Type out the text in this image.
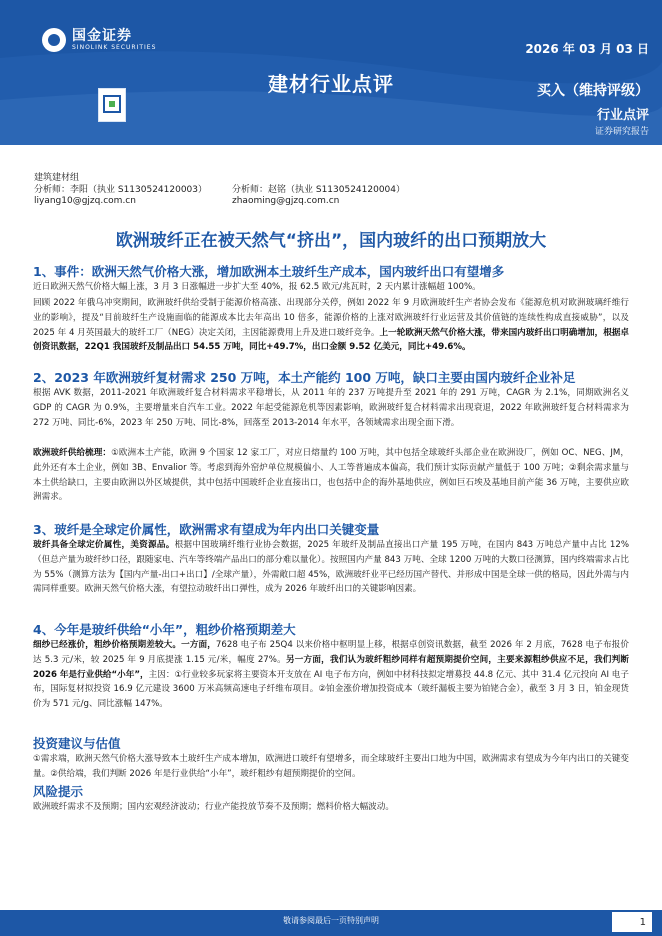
国金证券
SINOLINK SECURITIES	2026 年 03 月 03 日
建材行业点评	买入（维持评级）
行业点评
证券研究报告
建筑建材组
分析师：李阳（执业 S1130524120003）
liyang10@gjzq.com.cn
分析师：赵铭（执业 S1130524120004）
zhaoming@gjzq.com.cn
欧洲玻纤正在被天然气“挤出”，国内玻纤的出口预期放大
1、事件：欧洲天然气价格大涨，增加欧洲本土玻纤生产成本，国内玻纤出口有望增多

近日欧洲天然气价格大幅上涨，3 月 3 日涨幅进一步扩大至 40%，报 62.5 欧元/兆瓦时，2 天内累计涨幅超 100%。

回顾 2022 年俄乌冲突期间，欧洲玻纤供给受制于能源价格高涨、出现部分关停，例如 2022 年 9 月欧洲玻纤生产者协会发布《能源危机对欧洲玻璃纤维行业的影响》，提及“目前玻纤生产设施面临的能源成本比去年高出 10 倍多，能源价格的上涨对欧洲玻纤行业运营及其价值链的连续性构成直接威胁”，以及 2025 年 4 月英国最大的玻纤工厂（NEG）决定关闭，主因能源费用上升及进口玻纤竞争。上一轮欧洲天然气价格大涨，带来国内玻纤出口明确增加，根据卓创资讯数据，22Q1 我国玻纤及制品出口 54.55 万吨，同比+49.7%，出口金额 9.52 亿美元，同比+49.6%。

2、2023 年欧洲玻纤复材需求 250 万吨，本土产能约 100 万吨，缺口主要由国内玻纤企业补足

根据 AVK 数据，2011-2021 年欧洲玻纤复合材料需求平稳增长，从 2011 年的 237 万吨提升至 2021 年的 291 万吨，CAGR 为 2.1%，同期欧洲名义 GDP 的 CAGR 为 0.9%，主要增量来自汽车工业。2022 年起受能源危机等因素影响，欧洲玻纤复合材料需求出现衰退，2022 年欧洲玻纤复合材料需求为 272 万吨、同比-6%，2023 年 250 万吨、同比-8%，回落至 2013-2014 年水平，各领域需求出现全面下滑。

欧洲玻纤供给梳理：①欧洲本土产能，欧洲 9 个国家 12 家工厂，对应日熔量约 100 万吨，其中包括全球玻纤头部企业在欧洲设厂，例如 OC、NEG、JM，此外还有本土企业，例如 3B、Envalior 等。考虑到海外窑炉单位规模偏小、人工等普遍成本偏高，我们预计实际贡献产量低于 100 万吨；②剩余需求量与本土供给缺口，主要由欧洲以外区域提供，其中包括中国玻纤企业直接出口，也包括中企的海外基地供应，例如巨石埃及基地目前产能 36 万吨，主要供应欧洲需求。

3、玻纤是全球定价属性，欧洲需求有望成为年内出口关键变量

玻纤具备全球定价属性，美资源品。根据中国玻璃纤维行业协会数据，2025 年玻纤及制品直接出口产量 195 万吨，在国内 843 万吨总产量中占比 12%（但总产量为玻纤纱口径，跟随家电、汽车等终端产品出口的部分难以量化）。按照国内产量 843 万吨、全球 1200 万吨的大数口径测算，国内终端需求占比为 55%（测算方法为【国内产量-出口+出口】/全球产量），外需敞口超 45%，欧洲玻纤业平已经历国产替代、并形成中国是全球一供的格局，因此外需与内需同样重要。欧洲天然气价格大涨，有望拉动玻纤出口弹性，成为 2026 年玻纤出口的关键影响因素。

4、今年是玻纤供给“小年”，粗纱价格预期差大

细纱已经涨价，粗纱价格预期差较大。一方面，7628 电子布 25Q4 以来价格中枢明显上移，根据卓创资讯数据，截至 2026 年 2 月底，7628 电子布报价达 5.3 元/米，较 2025 年 9 月底提涨 1.15 元/米，幅度 27%。另一方面，我们认为玻纤粗纱同样有超预期提价空间，主要来源粗纱供应不足，我们判断 2026 年是行业供给“小年”，主因：①行业较多玩家将主要资本开支放在 AI 电子布方向，例如中材科技拟定增募投 44.8 亿元、其中 31.4 亿元投向 AI 电子布，国际复材拟投资 16.9 亿元建设 3600 万米高频高速电子纤维布项目。②铂金涨价增加投资成本（玻纤漏板主要为铂铑合金），截至 3 月 3 日，铂金现货价为 571 元/g、同比涨幅 147%。

投资建议与估值

①需求端，欧洲天然气价格大涨导致本土玻纤生产成本增加，欧洲进口玻纤有望增多，而全球玻纤主要出口地为中国，欧洲需求有望成为今年内出口的关键变量。②供给端，我们判断 2026 年是行业供给“小年”，玻纤粗纱有超预期提价的空间。

风险提示

欧洲玻纤需求不及预期；国内宏观经济波动；行业产能投放节奏不及预期；燃料价格大幅波动。

敬请参阅最后一页特别声明	1
